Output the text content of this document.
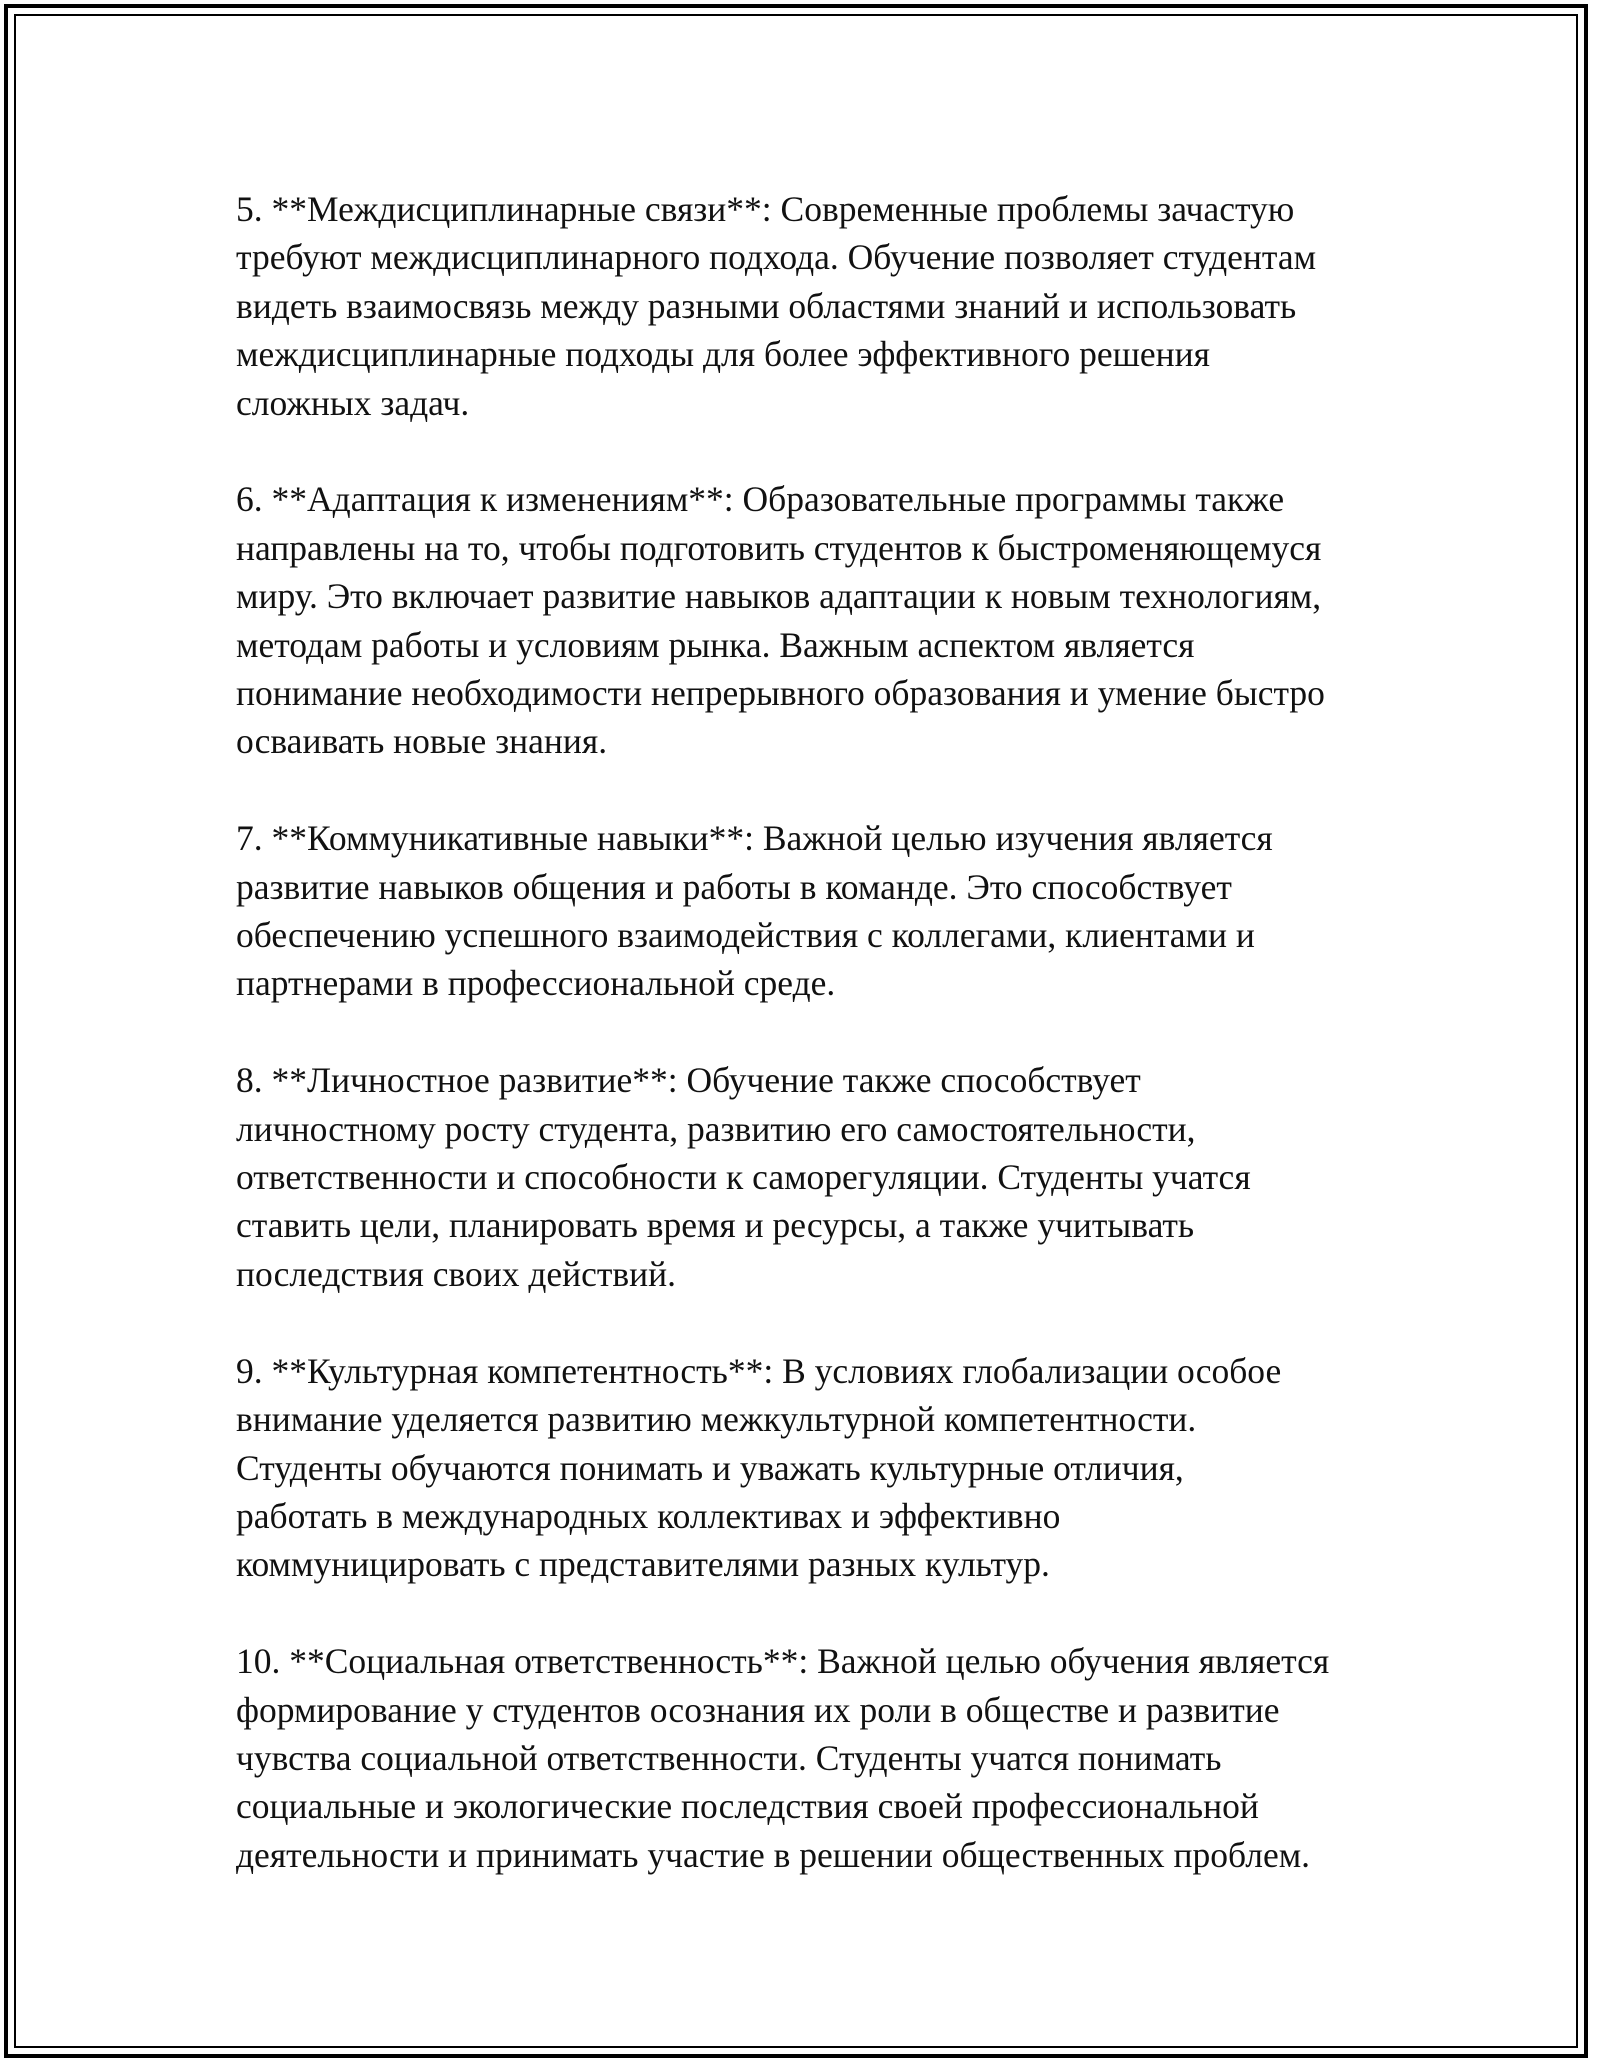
5. **Междисциплинарные связи**: Современные проблемы зачастую
требуют междисциплинарного подхода. Обучение позволяет студентам
видеть взаимосвязь между разными областями знаний и использовать
междисциплинарные подходы для более эффективного решения
сложных задач.

6. **Адаптация к изменениям**: Образовательные программы также
направлены на то, чтобы подготовить студентов к быстроменяющемуся
миру. Это включает развитие навыков адаптации к новым технологиям,
методам работы и условиям рынка. Важным аспектом является
понимание необходимости непрерывного образования и умение быстро
осваивать новые знания.

7. **Коммуникативные навыки**: Важной целью изучения является
развитие навыков общения и работы в команде. Это способствует
обеспечению успешного взаимодействия с коллегами, клиентами и
партнерами в профессиональной среде.

8. **Личностное развитие**: Обучение также способствует
личностному росту студента, развитию его самостоятельности,
ответственности и способности к саморегуляции. Студенты учатся
ставить цели, планировать время и ресурсы, а также учитывать
последствия своих действий.

9. **Культурная компетентность**: В условиях глобализации особое
внимание уделяется развитию межкультурной компетентности.
Студенты обучаются понимать и уважать культурные отличия,
работать в международных коллективах и эффективно
коммуницировать с представителями разных культур.

10. **Социальная ответственность**: Важной целью обучения является
формирование у студентов осознания их роли в обществе и развитие
чувства социальной ответственности. Студенты учатся понимать
социальные и экологические последствия своей профессиональной
деятельности и принимать участие в решении общественных проблем.
